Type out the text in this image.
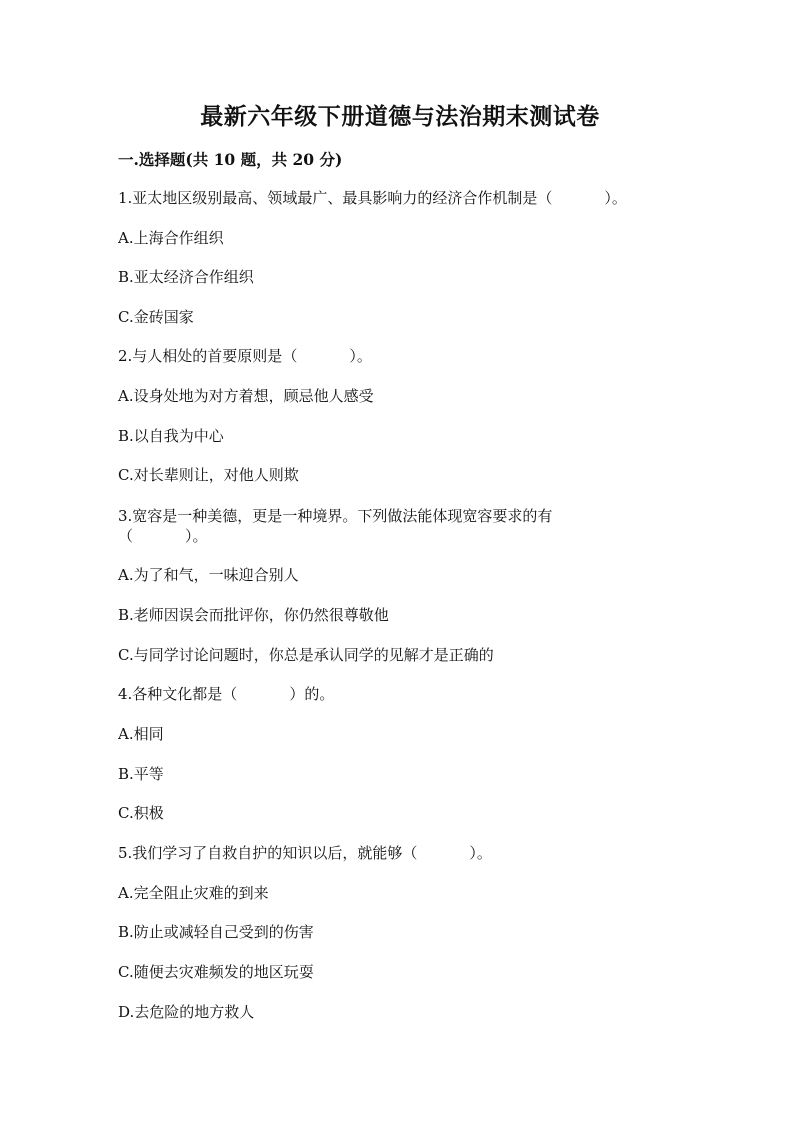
最新六年级下册道德与法治期末测试卷
一.选择题(共 10 题，共 20 分)
1.亚太地区级别最高、领域最广、最具影响力的经济合作机制是（	）。
A.上海合作组织
B.亚太经济合作组织
C.金砖国家
2.与人相处的首要原则是（	）。
A.设身处地为对方着想，顾忌他人感受
B.以自我为中心
C.对长辈则让，对他人则欺
3.宽容是一种美德，更是一种境界。下列做法能体现宽容要求的有
（	）。
A.为了和气，一味迎合别人
B.老师因误会而批评你，你仍然很尊敬他
C.与同学讨论问题时，你总是承认同学的见解才是正确的
4.各种文化都是（	）的。
A.相同
B.平等
C.积极
5.我们学习了自救自护的知识以后，就能够（	）。
A.完全阻止灾难的到来
B.防止或减轻自己受到的伤害
C.随便去灾难频发的地区玩耍
D.去危险的地方救人
